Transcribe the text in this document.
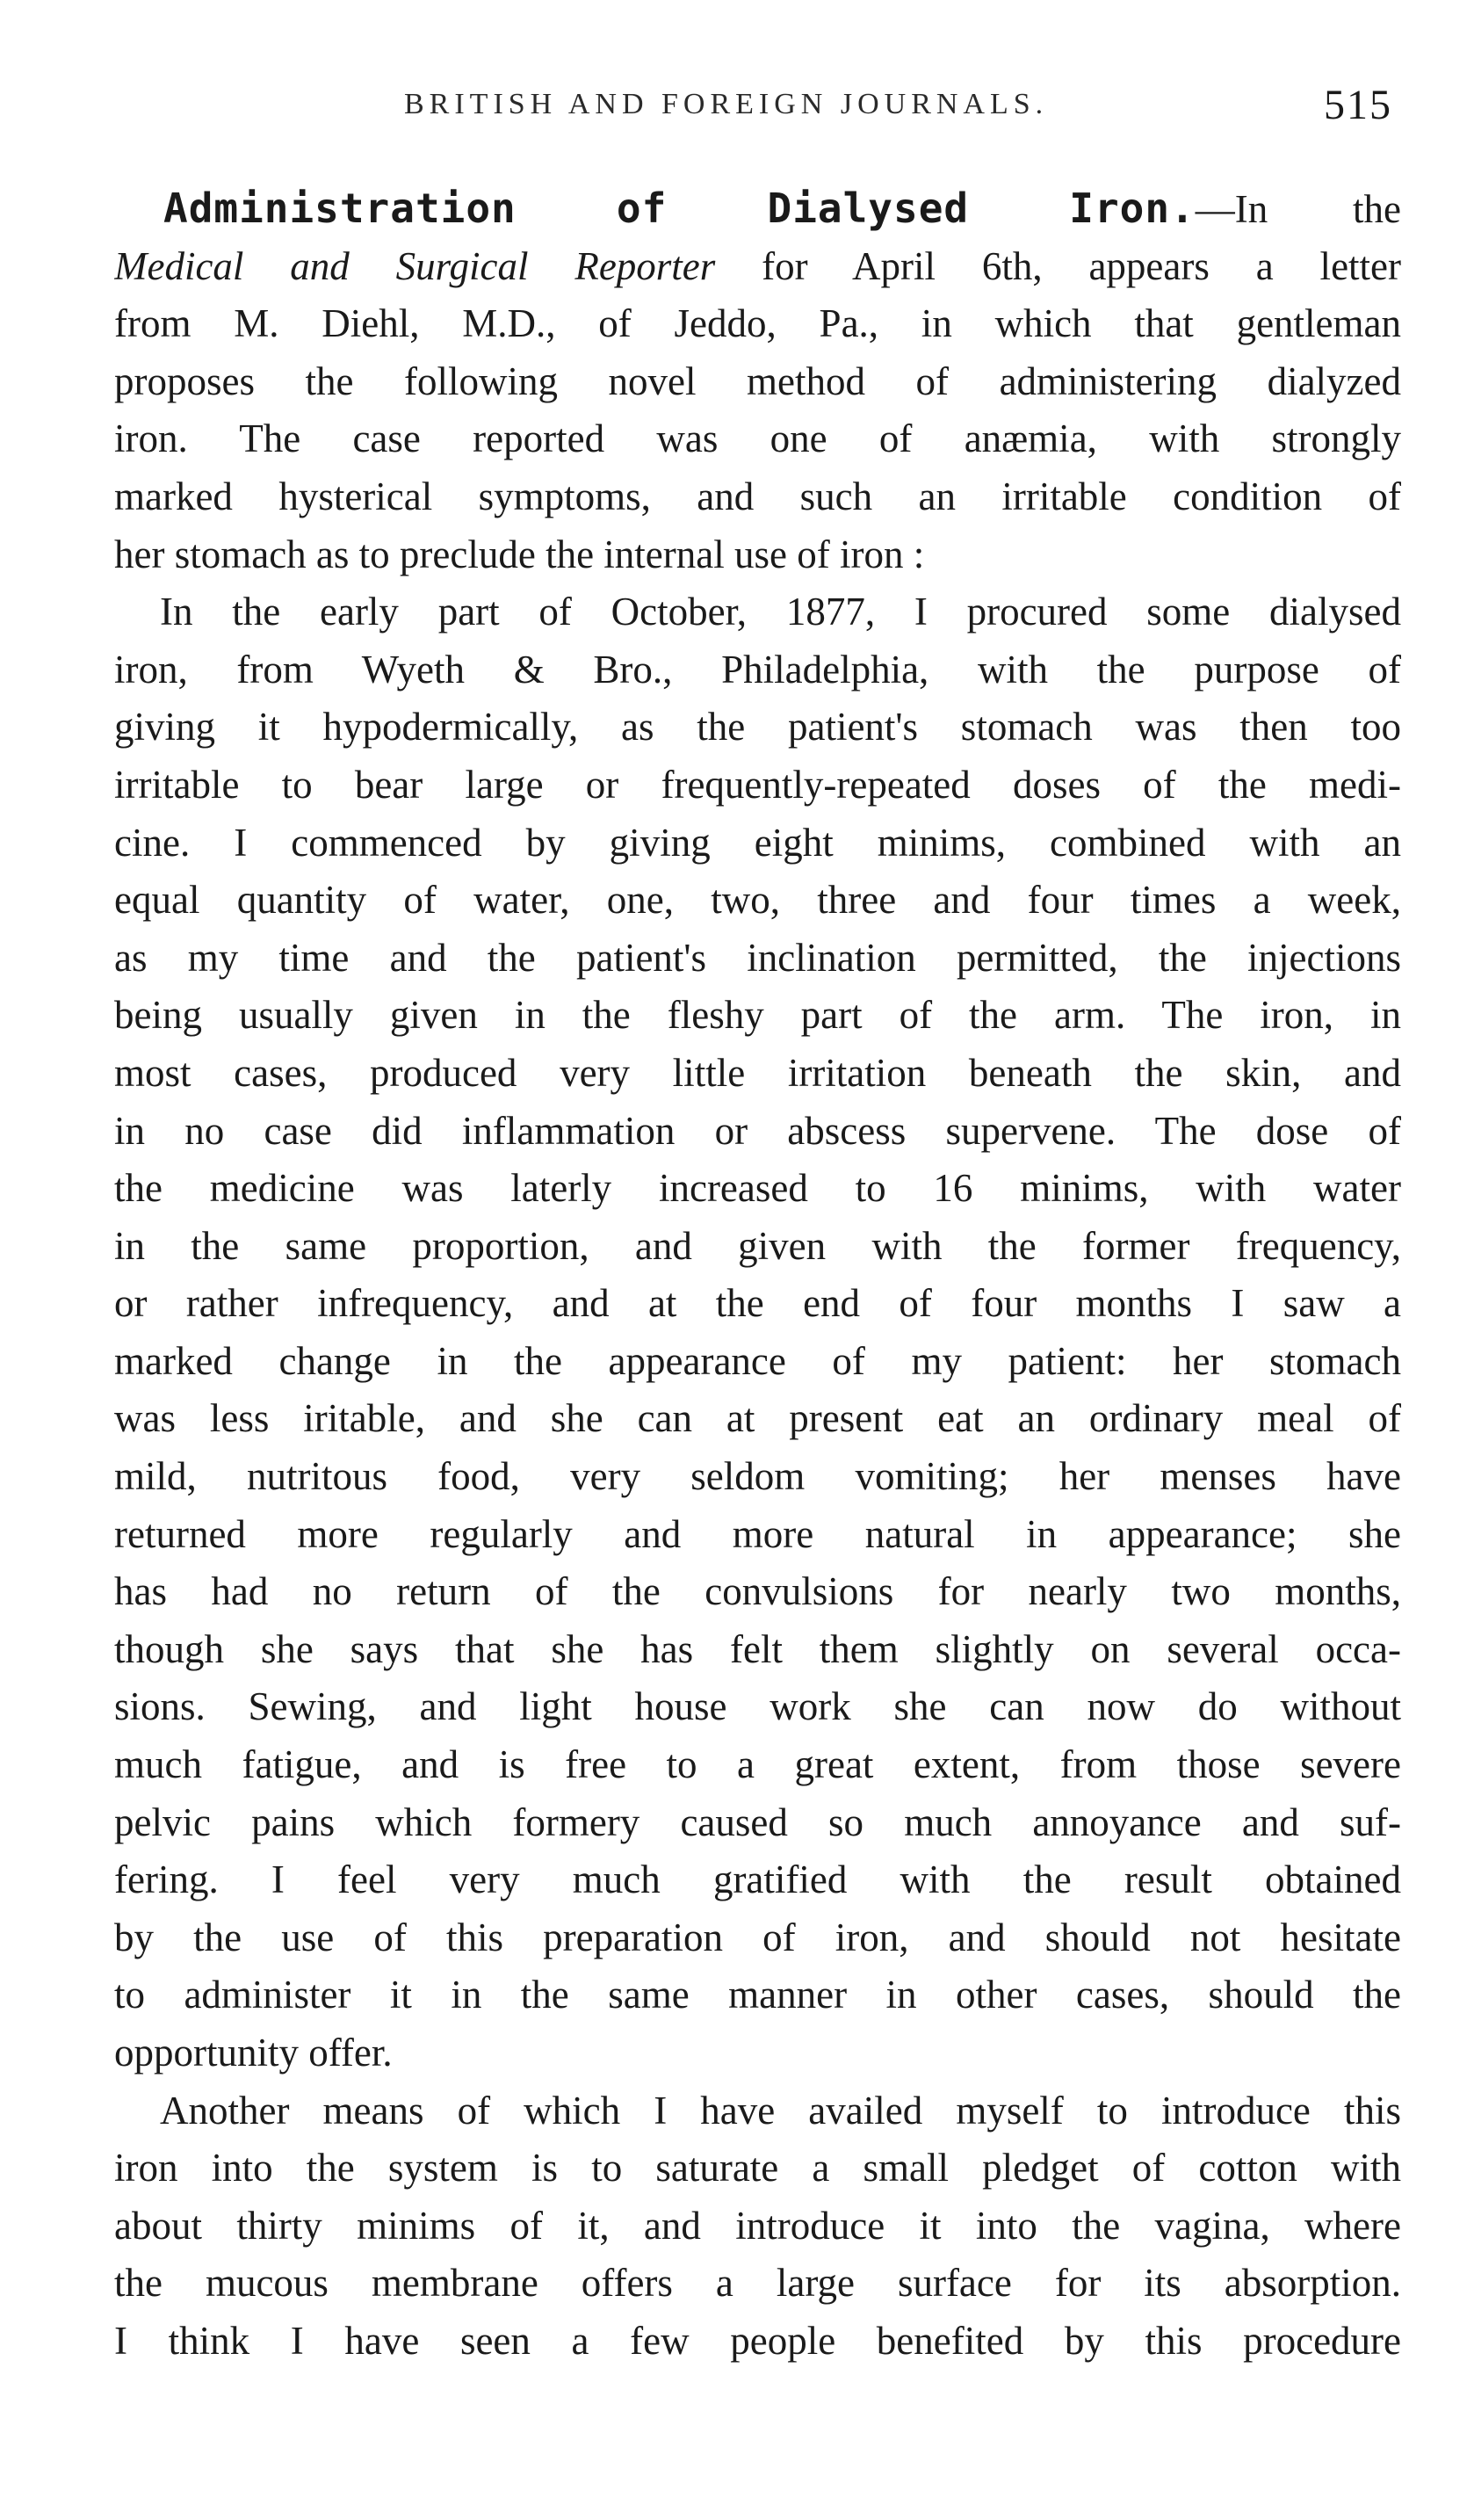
BRITISH AND FOREIGN JOURNALS.	515
Administration of Dialysed Iron.—In the
Medical and Surgical Reporter for April 6th, appears a letter
from M. Diehl, M.D., of Jeddo, Pa., in which that gentleman
proposes the following novel method of administering dialyzed
iron. The case reported was one of anæmia, with strongly
marked hysterical symptoms, and such an irritable condition of
her stomach as to preclude the internal use of iron :
In the early part of October, 1877, I procured some dialysed
iron, from Wyeth & Bro., Philadelphia, with the purpose of
giving it hypodermically, as the patient's stomach was then too
irritable to bear large or frequently-repeated doses of the medi-
cine. I commenced by giving eight minims, combined with an
equal quantity of water, one, two, three and four times a week,
as my time and the patient's inclination permitted, the injections
being usually given in the fleshy part of the arm. The iron, in
most cases, produced very little irritation beneath the skin, and
in no case did inflammation or abscess supervene. The dose of
the medicine was laterly increased to 16 minims, with water
in the same proportion, and given with the former frequency,
or rather infrequency, and at the end of four months I saw a
marked change in the appearance of my patient: her stomach
was less iritable, and she can at present eat an ordinary meal of
mild, nutritous food, very seldom vomiting; her menses have
returned more regularly and more natural in appearance; she
has had no return of the convulsions for nearly two months,
though she says that she has felt them slightly on several occa-
sions. Sewing, and light house work she can now do without
much fatigue, and is free to a great extent, from those severe
pelvic pains which formery caused so much annoyance and suf-
fering. I feel very much gratified with the result obtained
by the use of this preparation of iron, and should not hesitate
to administer it in the same manner in other cases, should the
opportunity offer.
Another means of which I have availed myself to introduce this
iron into the system is to saturate a small pledget of cotton with
about thirty minims of it, and introduce it into the vagina, where
the mucous membrane offers a large surface for its absorption.
I think I have seen a few people benefited by this procedure
